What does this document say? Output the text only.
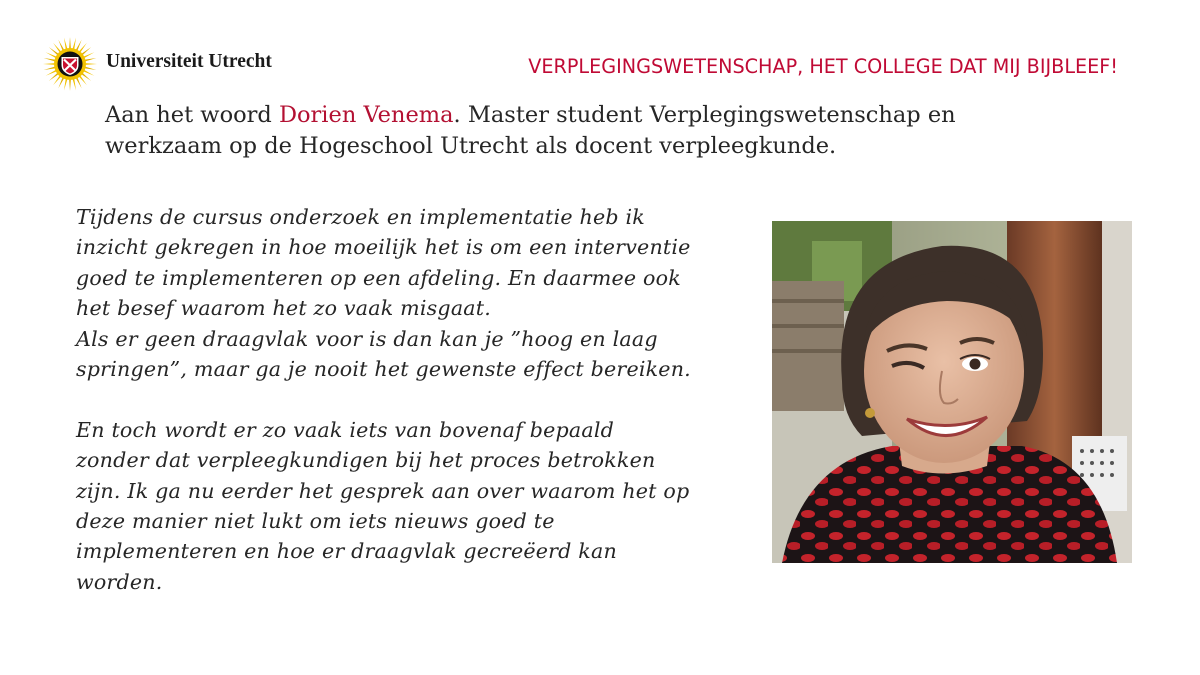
Universiteit Utrecht	VERPLEGINGSWETENSCHAP, HET COLLEGE DAT MIJ BIJBLEEF!
Aan het woord Dorien Venema. Master student Verplegingswetenschap en
werkzaam op de Hogeschool Utrecht als docent verpleegkunde.
Tijdens de cursus onderzoek en implementatie heb ik
inzicht gekregen in hoe moeilijk het is om een interventie
goed te implementeren op een afdeling. En daarmee ook
het besef waarom het zo vaak misgaat.
Als er geen draagvlak voor is dan kan je ”hoog en laag
springen”, maar ga je nooit het gewenste effect bereiken.
En toch wordt er zo vaak iets van bovenaf bepaald
zonder dat verpleegkundigen bij het proces betrokken
zijn. Ik ga nu eerder het gesprek aan over waarom het op
deze manier niet lukt om iets nieuws goed te
implementeren en hoe er draagvlak gecreëerd kan
worden.
